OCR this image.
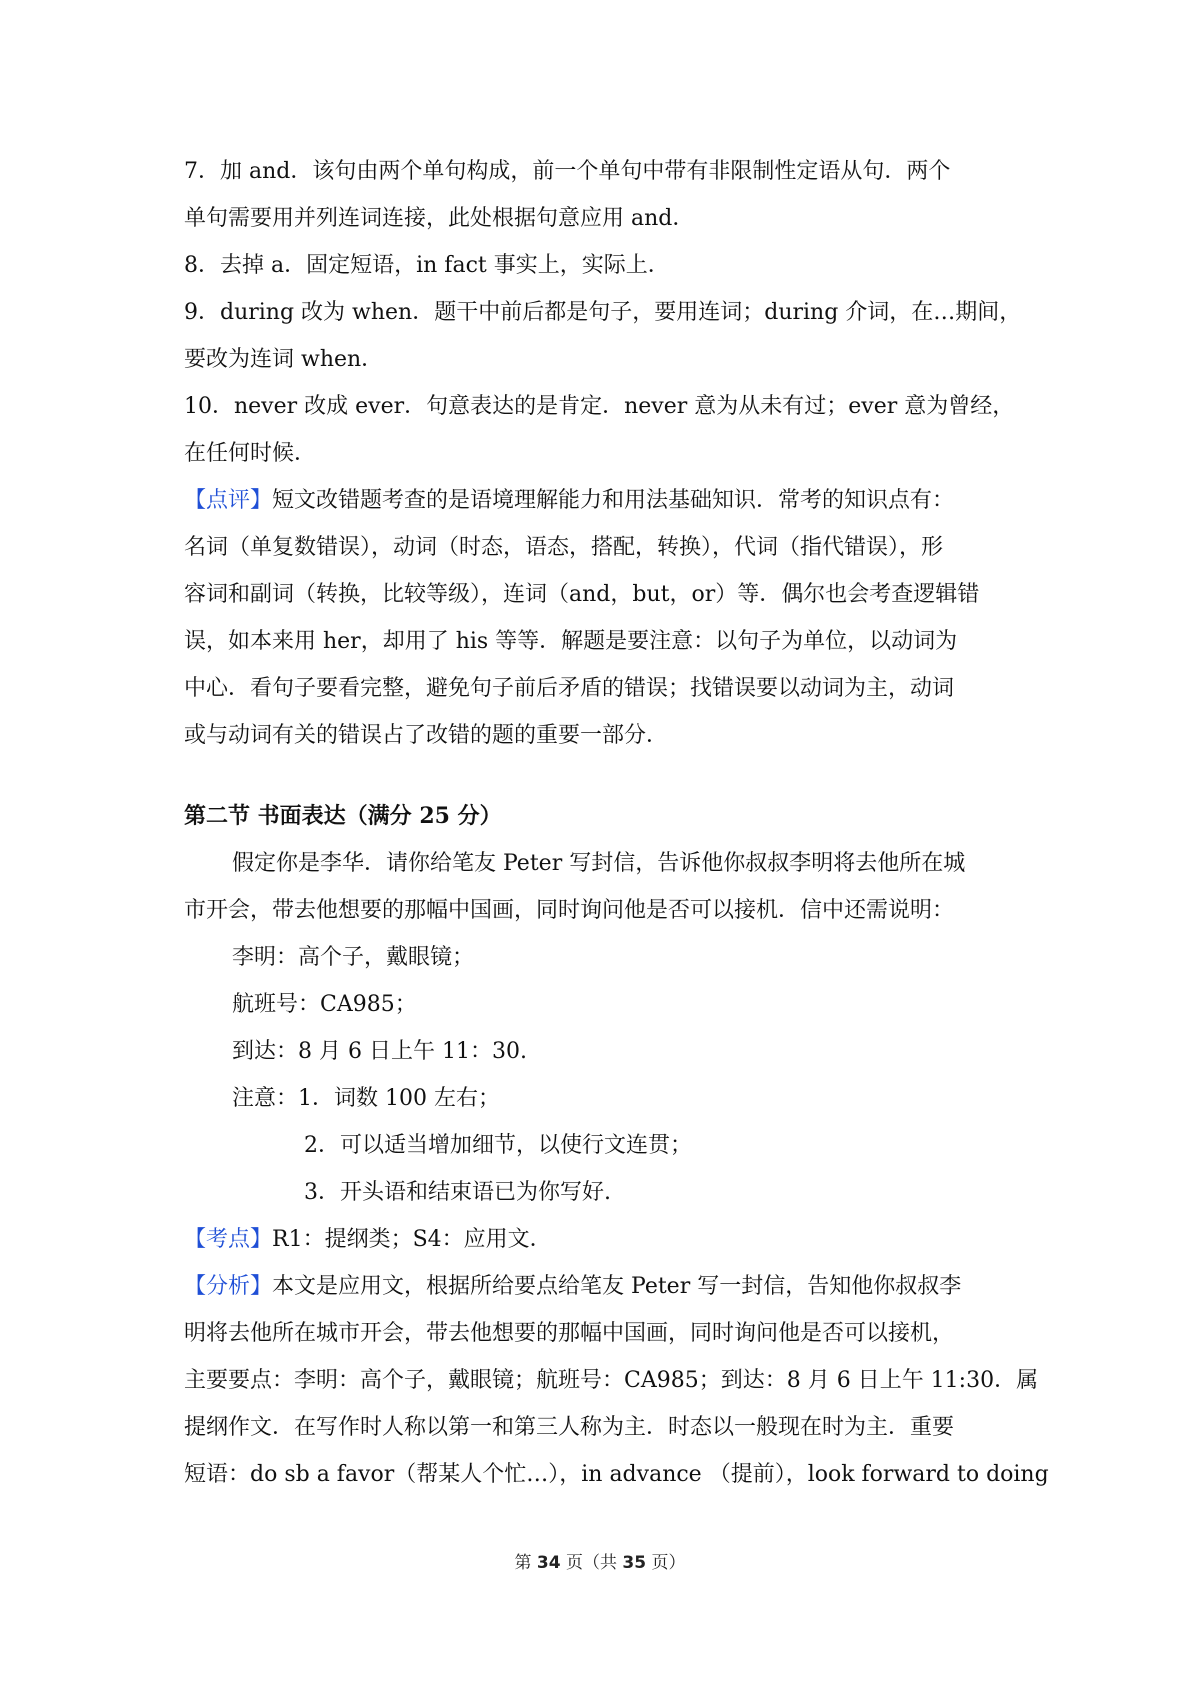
7．加 and．该句由两个单句构成，前一个单句中带有非限制性定语从句．两个

单句需要用并列连词连接，此处根据句意应用 and．

8．去掉 a．固定短语，in fact 事实上，实际上．

9．during 改为 when．题干中前后都是句子，要用连词；during 介词，在…期间，

要改为连词 when．

10．never 改成 ever．句意表达的是肯定．never 意为从未有过；ever 意为曾经，

在任何时候．

【点评】短文改错题考查的是语境理解能力和用法基础知识．常考的知识点有：

名词（单复数错误），动词（时态，语态，搭配，转换），代词（指代错误），形

容词和副词（转换，比较等级），连词（and，but，or）等．偶尔也会考查逻辑错

误，如本来用 her，却用了 his 等等．解题是要注意：以句子为单位，以动词为

中心．看句子要看完整，避免句子前后矛盾的错误；找错误要以动词为主，动词

或与动词有关的错误占了改错的题的重要一部分．

第二节 书面表达（满分 25 分）

假定你是李华．请你给笔友 Peter 写封信，告诉他你叔叔李明将去他所在城

市开会，带去他想要的那幅中国画，同时询问他是否可以接机．信中还需说明：

李明：高个子，戴眼镜；

航班号：CA985；

到达：8 月 6 日上午 11：30.

注意：1．词数 100 左右；

2．可以适当增加细节，以使行文连贯；

3．开头语和结束语已为你写好.

【考点】R1：提纲类；S4：应用文．

【分析】本文是应用文，根据所给要点给笔友 Peter 写一封信，告知他你叔叔李

明将去他所在城市开会，带去他想要的那幅中国画，同时询问他是否可以接机，

主要要点：李明：高个子，戴眼镜；航班号：CA985；到达：8 月 6 日上午 11:30．属

提纲作文．在写作时人称以第一和第三人称为主．时态以一般现在时为主．重要

短语：do sb a favor（帮某人个忙…），in advance （提前），look forward to doing

第 34 页（共 35 页）
